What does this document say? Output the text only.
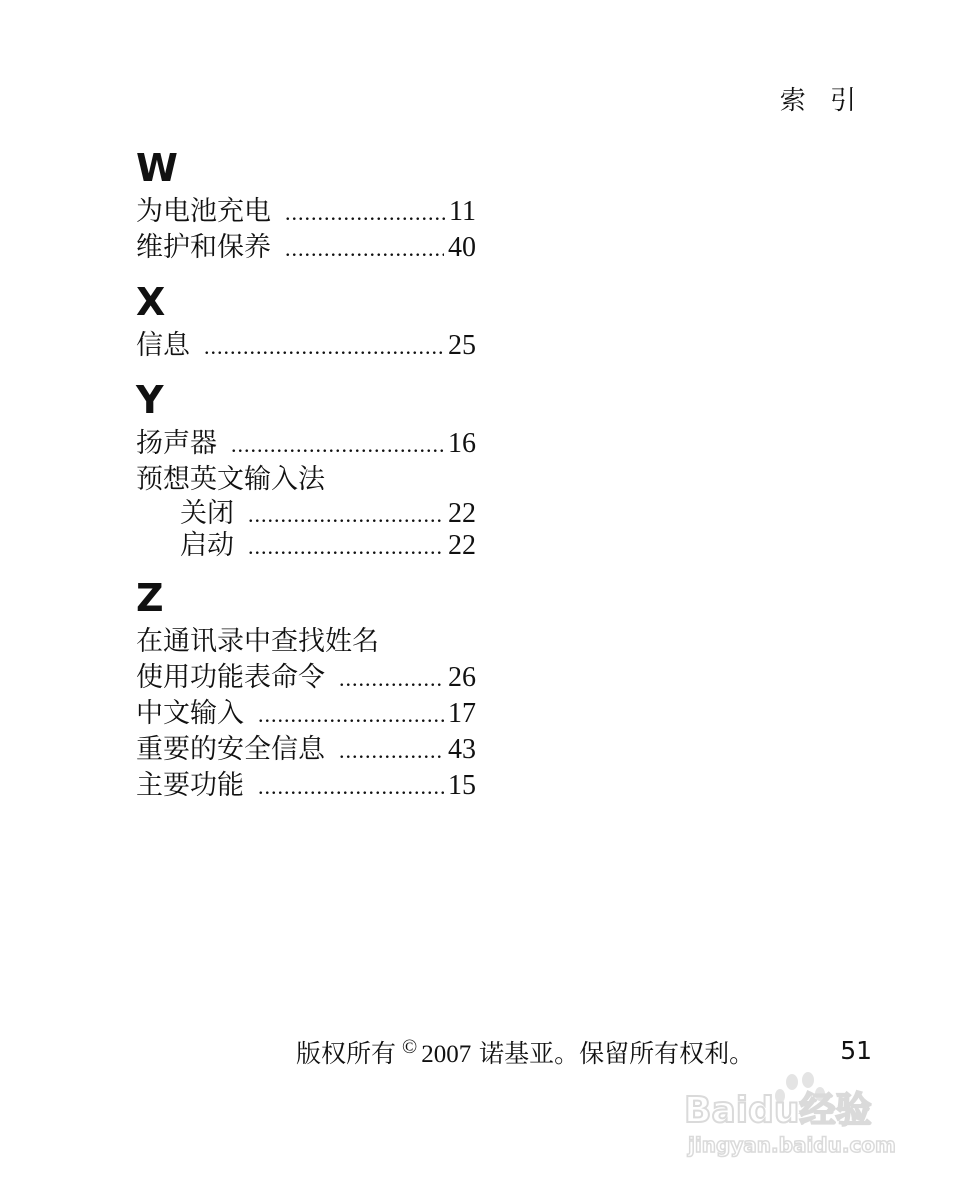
索 引
W
为电池充电 .....	11
维护和保养 .....	40
X
信息 .....	25
Y
扬声器 .....	16
预想英文输入法
关闭 .....	22
启动 .....	22
Z
在通讯录中查找姓名
使用功能表命令 .....	26
中文输入 .....	17
重要的安全信息 .....	43
主要功能 .....	15
版权所有 © 2007 诺基亚。保留所有权利。	51
Baidu经验
jingyan.baidu.com
